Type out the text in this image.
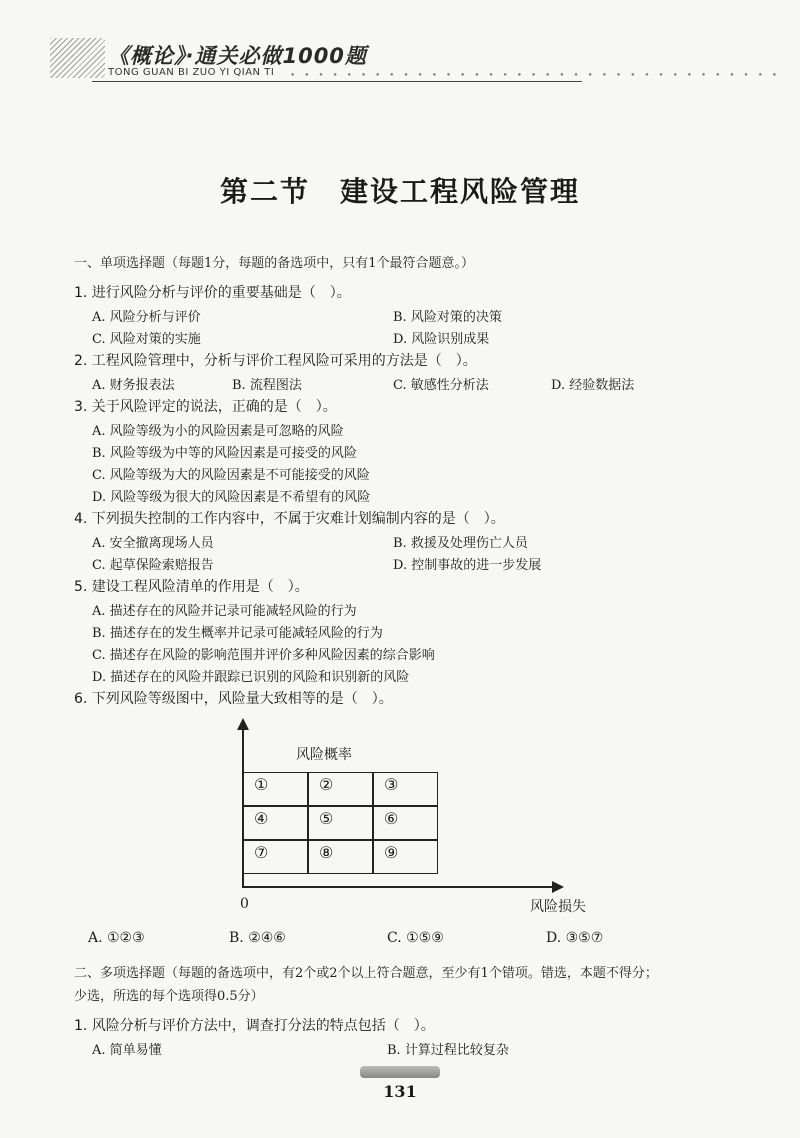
《概论》·通关必做1000题
TONG GUAN BI ZUO YI QIAN TI • • • • • • • • • • • • • • • • • • • • • • • • • • • • • • • • • • •
第二节　建设工程风险管理
一、单项选择题（每题1分，每题的备选项中，只有1个最符合题意。）
1. 进行风险分析与评价的重要基础是（　）。
A. 风险分析与评价	B. 风险对策的决策
C. 风险对策的实施	D. 风险识别成果
2. 工程风险管理中，分析与评价工程风险可采用的方法是（　）。
A. 财务报表法	B. 流程图法	C. 敏感性分析法	D. 经验数据法
3. 关于风险评定的说法，正确的是（　）。
A. 风险等级为小的风险因素是可忽略的风险
B. 风险等级为中等的风险因素是可接受的风险
C. 风险等级为大的风险因素是不可能接受的风险
D. 风险等级为很大的风险因素是不希望有的风险
4. 下列损失控制的工作内容中，不属于灾难计划编制内容的是（　）。
A. 安全撤离现场人员	B. 救援及处理伤亡人员
C. 起草保险索赔报告	D. 控制事故的进一步发展
5. 建设工程风险清单的作用是（　）。
A. 描述存在的风险并记录可能减轻风险的行为
B. 描述存在的发生概率并记录可能减轻风险的行为
C. 描述存在风险的影响范围并评价多种风险因素的综合影响
D. 描述存在的风险并跟踪已识别的风险和识别新的风险
6. 下列风险等级图中，风险量大致相等的是（　）。
风险概率
0	风险损失
①	②	③
④	⑤	⑥
⑦	⑧	⑨
A. ①②③	B. ②④⑥	C. ①⑤⑨	D. ③⑤⑦
二、多项选择题（每题的备选项中，有2个或2个以上符合题意，至少有1个错项。错选，本题不得分；
少选，所选的每个选项得0.5分）
1. 风险分析与评价方法中，调查打分法的特点包括（　）。
A. 简单易懂	B. 计算过程比较复杂
131
